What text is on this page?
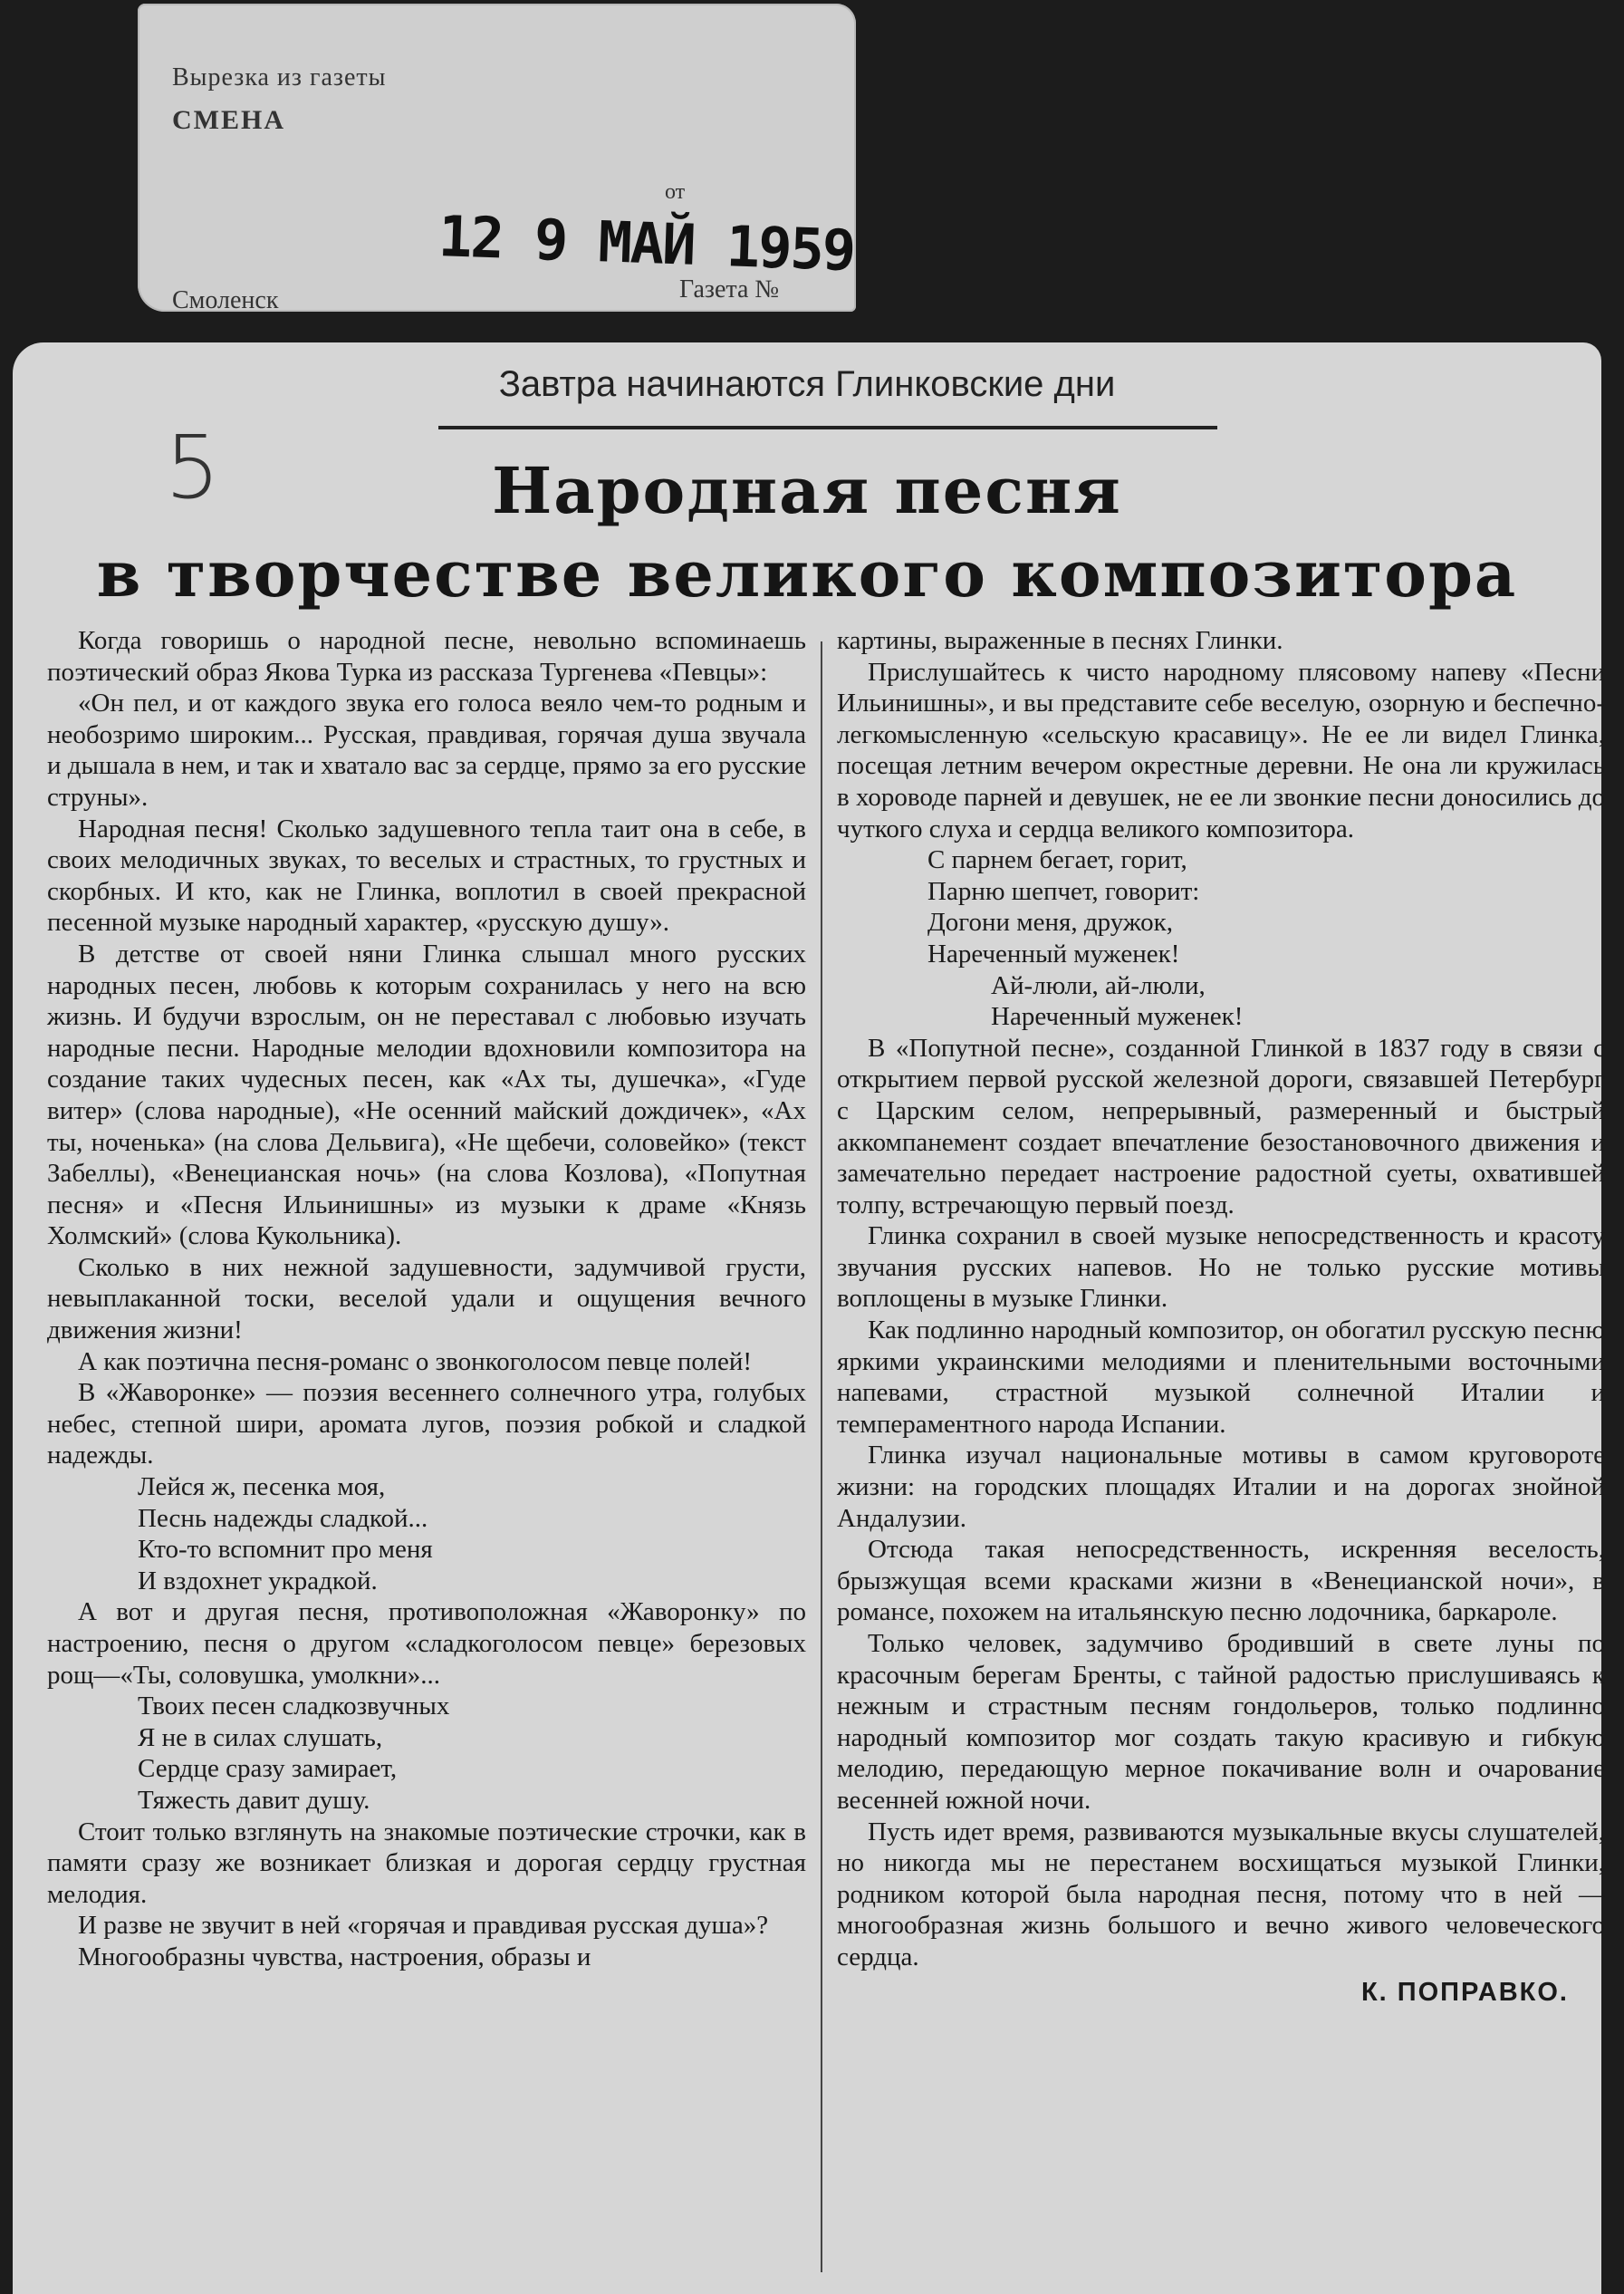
Вырезка из газеты
СМЕНА
от
12 9 МАЙ 1959
Смоленск	Газета №
Завтра начинаются Глинковские дни
5	Народная песня
в творчестве великого композитора

Когда говоришь о народной песне, невольно вспоминаешь поэтический образ Якова Турка из рассказа Тургенева «Певцы»:

«Он пел, и от каждого звука его голоса веяло чем-то родным и необозримо широким... Русская, правдивая, горячая душа звучала и дышала в нем, и так и хватало вас за сердце, прямо за его русские струны».

Народная песня! Сколько задушевного тепла таит она в себе, в своих мелодичных звуках, то веселых и страстных, то грустных и скорбных. И кто, как не Глинка, воплотил в своей прекрасной песенной музыке народный характер, «русскую душу».

В детстве от своей няни Глинка слышал много русских народных песен, любовь к которым сохранилась у него на всю жизнь. И будучи взрослым, он не переставал с любовью изучать народные песни. Народные мелодии вдохновили композитора на создание таких чудесных песен, как «Ах ты, душечка», «Гуде витер» (слова народные), «Не осенний майский дождичек», «Ах ты, ноченька» (на слова Дельвига), «Не щебечи, соловейко» (текст Забеллы), «Венецианская ночь» (на слова Козлова), «Попутная песня» и «Песня Ильинишны» из музыки к драме «Князь Холмский» (слова Кукольника).

Сколько в них нежной задушевности, задумчивой грусти, невыплаканной тоски, веселой удали и ощущения вечного движения жизни!

А как поэтична песня-романс о звонкоголосом певце полей!

В «Жаворонке» — поэзия весеннего солнечного утра, голубых небес, степной шири, аромата лугов, поэзия робкой и сладкой надежды.

Лейся ж, песенка моя,
Песнь надежды сладкой...
Кто-то вспомнит про меня
И вздохнет украдкой.

А вот и другая песня, противоположная «Жаворонку» по настроению, песня о другом «сладкоголосом певце» березовых рощ—«Ты, соловушка, умолкни»...

Твоих песен сладкозвучных
Я не в силах слушать,
Сердце сразу замирает,
Тяжесть давит душу.

Стоит только взглянуть на знакомые поэтические строчки, как в памяти сразу же возникает близкая и дорогая сердцу грустная мелодия.

И разве не звучит в ней «горячая и правдивая русская душа»?

Многообразны чувства, настроения, образы и

картины, выраженные в песнях Глинки.

Прислушайтесь к чисто народному плясовому напеву «Песни Ильинишны», и вы представите себе веселую, озорную и беспечно-легкомысленную «сельскую красавицу». Не ее ли видел Глинка, посещая летним вечером окрестные деревни. Не она ли кружилась в хороводе парней и девушек, не ее ли звонкие песни доносились до чуткого слуха и сердца великого композитора.

С парнем бегает, горит,
Парню шепчет, говорит:
Догони меня, дружок,
Нареченный муженек!
Ай-люли, ай-люли,
Нареченный муженек!

В «Попутной песне», созданной Глинкой в 1837 году в связи с открытием первой русской железной дороги, связавшей Петербург с Царским селом, непрерывный, размеренный и быстрый аккомпанемент создает впечатление безостановочного движения и замечательно передает настроение радостной суеты, охватившей толпу, встречающую первый поезд.

Глинка сохранил в своей музыке непосредственность и красоту звучания русских напевов. Но не только русские мотивы воплощены в музыке Глинки.

Как подлинно народный композитор, он обогатил русскую песню яркими украинскими мелодиями и пленительными восточными напевами, страстной музыкой солнечной Италии и темпераментного народа Испании.

Глинка изучал национальные мотивы в самом круговороте жизни: на городских площадях Италии и на дорогах знойной Андалузии.

Отсюда такая непосредственность, искренняя веселость, брызжущая всеми красками жизни в «Венецианской ночи», в романсе, похожем на итальянскую песню лодочника, баркароле.

Только человек, задумчиво бродивший в свете луны по красочным берегам Бренты, с тайной радостью прислушиваясь к нежным и страстным песням гондольеров, только подлинно народный композитор мог создать такую красивую и гибкую мелодию, передающую мерное покачивание волн и очарование весенней южной ночи.

Пусть идет время, развиваются музыкальные вкусы слушателей, но никогда мы не перестанем восхищаться музыкой Глинки, родником которой была народная песня, потому что в ней — многообразная жизнь большого и вечно живого человеческого сердца.

К. ПОПРАВКО.
